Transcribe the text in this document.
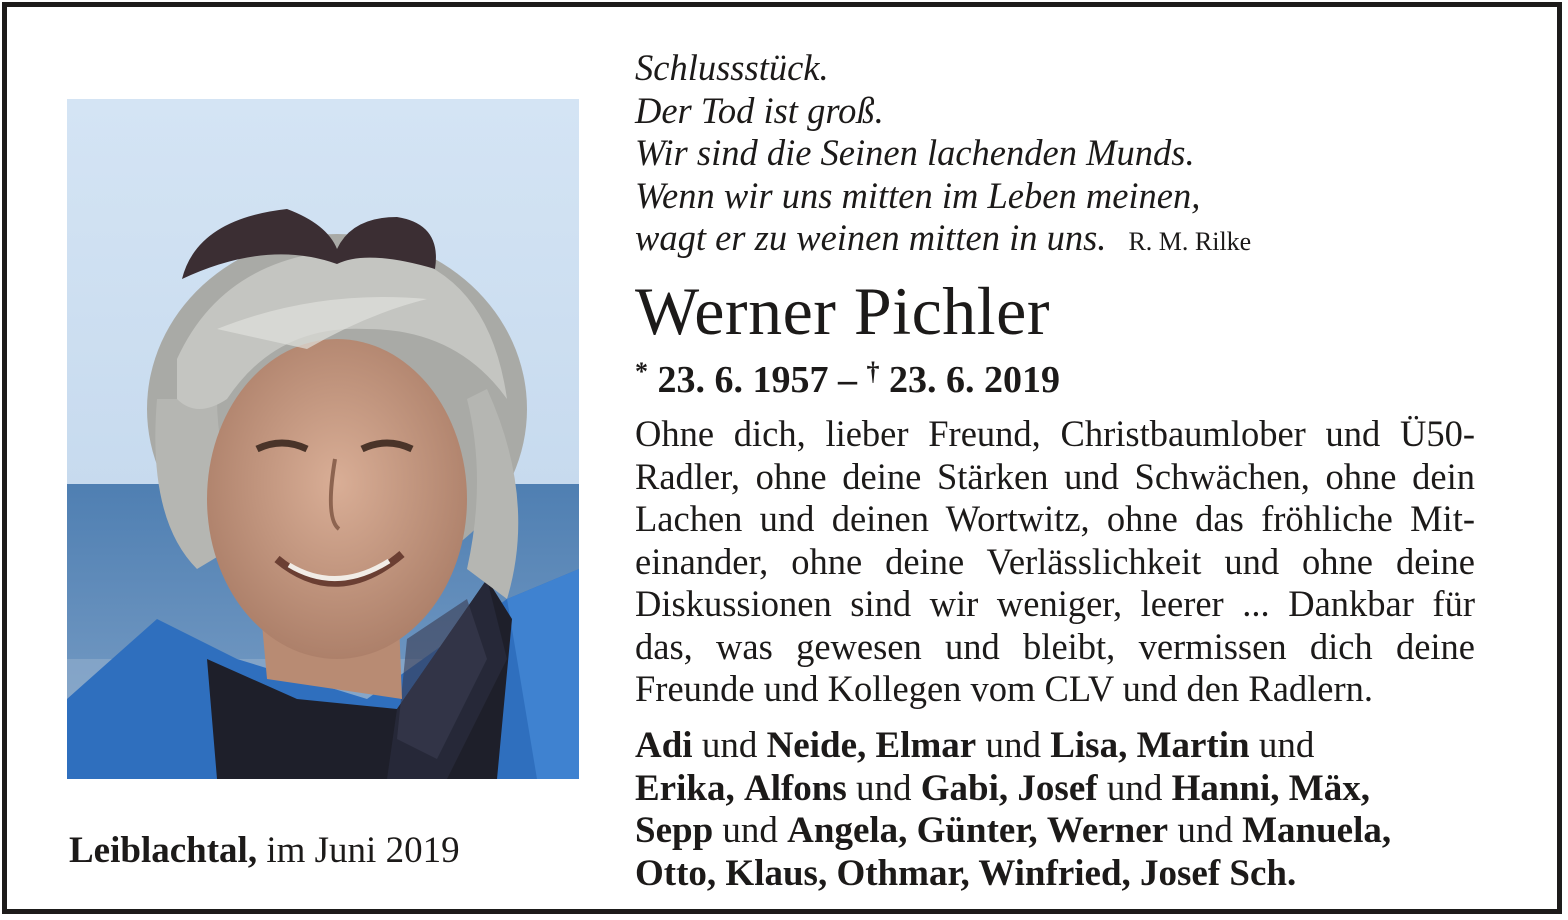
Schlussstück.
Der Tod ist groß.
Wir sind die Seinen lachenden Munds.
Wenn wir uns mitten im Leben meinen,
wagt er zu weinen mitten in uns. R. M. Rilke
Werner Pichler
* 23. 6. 1957 – † 23. 6. 2019
Ohne dich, lieber Freund, Christbaumlober und Ü50-
Radler, ohne deine Stärken und Schwächen, ohne dein
Lachen und deinen Wortwitz, ohne das fröhliche Mit-
einander, ohne deine Verlässlichkeit und ohne deine
Diskussionen sind wir weniger, leerer ... Dankbar für
das, was gewesen und bleibt, vermissen dich deine
Freunde und Kollegen vom CLV und den Radlern.
Adi und Neide, Elmar und Lisa, Martin und
Erika, Alfons und Gabi, Josef und Hanni, Mäx,
Sepp und Angela, Günter, Werner und Manuela,
Otto, Klaus, Othmar, Winfried, Josef Sch.
Leiblachtal, im Juni 2019
